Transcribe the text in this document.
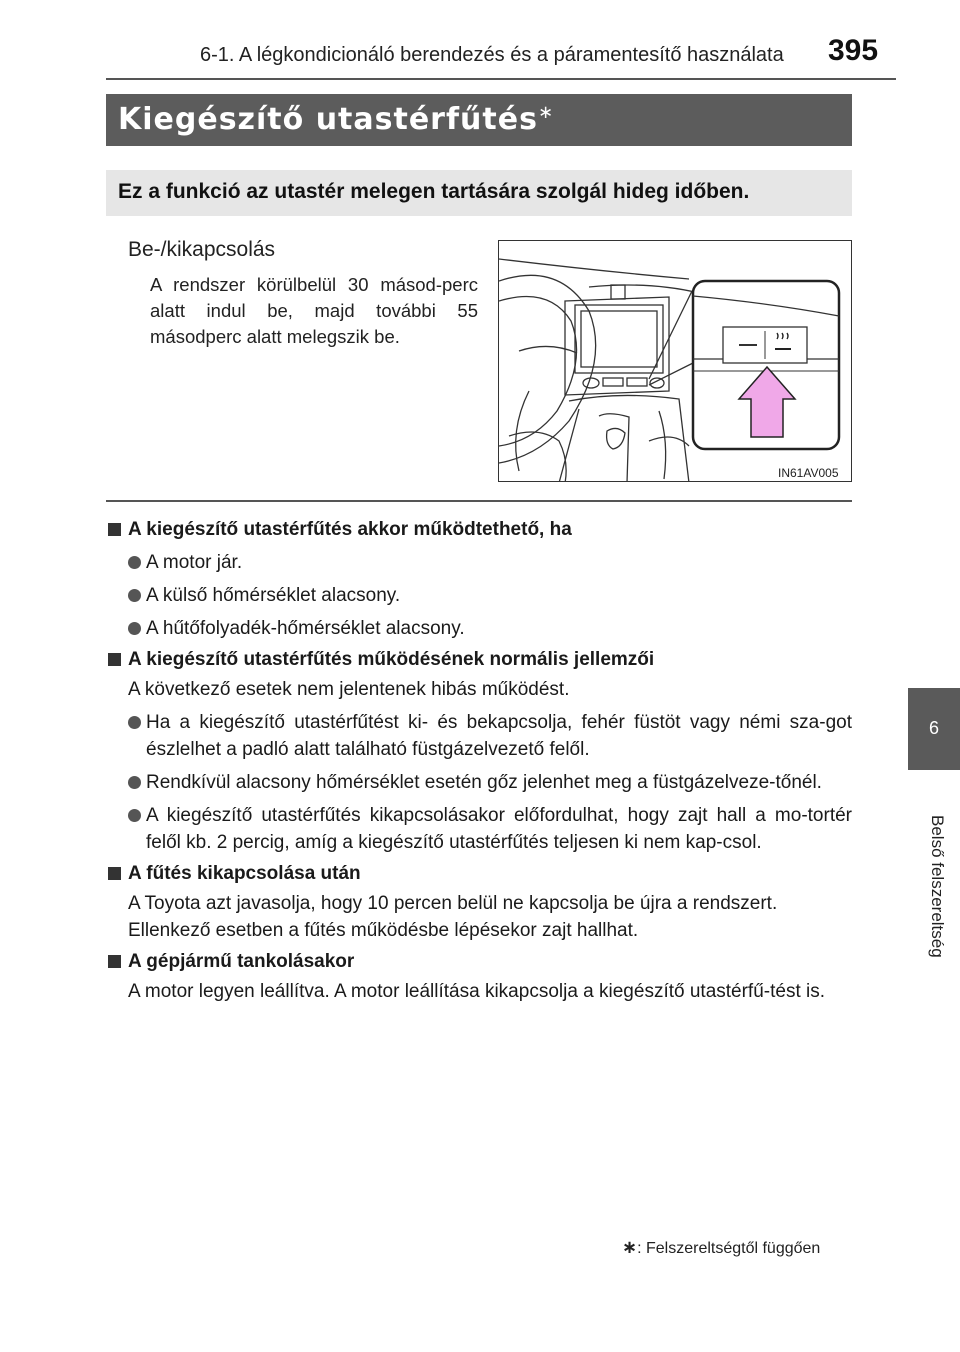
6-1. A légkondicionáló berendezés és a páramentesítő használata 395
6
Belső felszereltség
Kiegészítő utastérfűtés∗
Ez a funkció az utastér melegen tartására szolgál hideg időben.
Be-/kikapcsolás
A rendszer körülbelül 30 másod-perc alatt indul be, majd további 55 másodperc alatt melegszik be.
IN61AV005
A kiegészítő utastérfűtés akkor működtethető, ha
A motor jár.
A külső hőmérséklet alacsony.
A hűtőfolyadék-hőmérséklet alacsony.
A kiegészítő utastérfűtés működésének normális jellemzői
A következő esetek nem jelentenek hibás működést.
Ha a kiegészítő utastérfűtést ki- és bekapcsolja, fehér füstöt vagy némi sza-got észlelhet a padló alatt található füstgázelvezető felől.
Rendkívül alacsony hőmérséklet esetén gőz jelenhet meg a füstgázelveze-tőnél.
A kiegészítő utastérfűtés kikapcsolásakor előfordulhat, hogy zajt hall a mo-tortér felől kb. 2 percig, amíg a kiegészítő utastérfűtés teljesen ki nem kap-csol.
A fűtés kikapcsolása után
A Toyota azt javasolja, hogy 10 percen belül ne kapcsolja be újra a rendszert. Ellenkező esetben a fűtés működésbe lépésekor zajt hallhat.
A gépjármű tankolásakor
A motor legyen leállítva. A motor leállítása kikapcsolja a kiegészítő utastérfű-tést is.
∗: Felszereltségtől függően
